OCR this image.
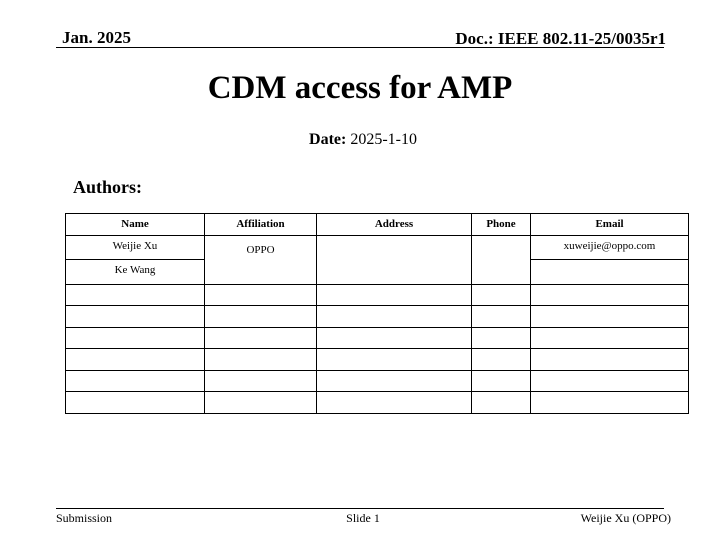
Jan. 2025	Doc.: IEEE 802.11-25/0035r1
CDM access for AMP
Date: 2025-1-10
Authors:
Name	Affiliation	Address	Phone	Email
Weijie Xu	OPPO			xuweijie@oppo.com
Ke Wang				

Submission	Slide 1	Weijie Xu (OPPO)
